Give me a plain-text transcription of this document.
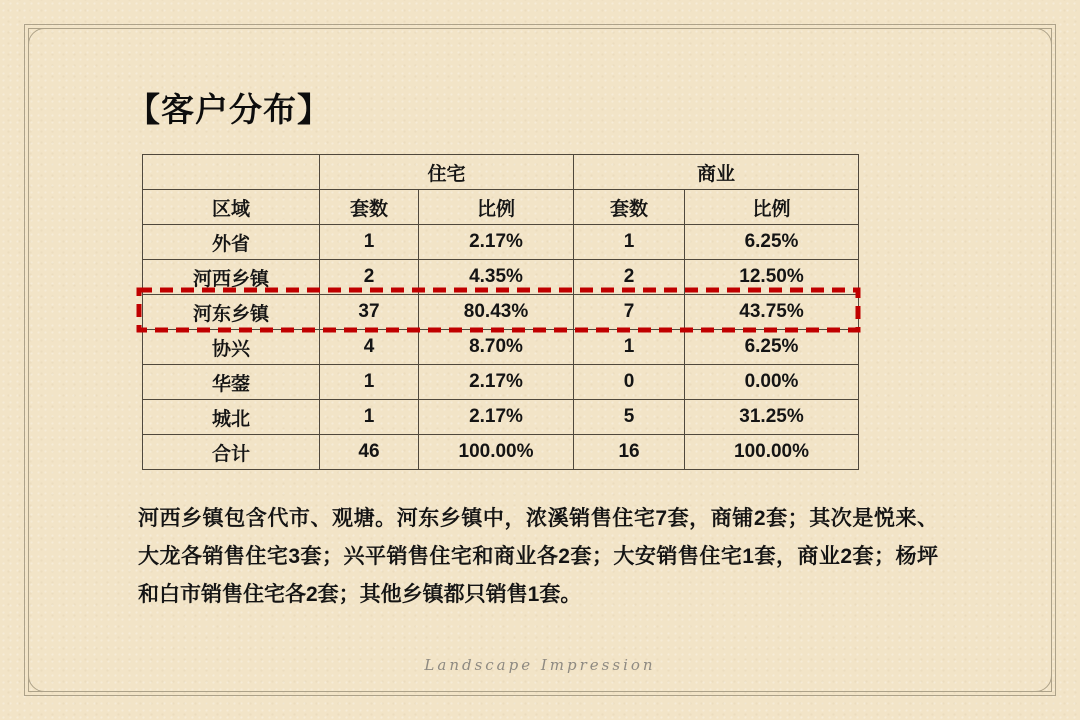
【客户分布】
	住宅		商业	
区域	套数	比例	套数	比例
外省	1	2.17%	1	6.25%
河西乡镇	2	4.35%	2	12.50%
河东乡镇	37	80.43%	7	43.75%
协兴	4	8.70%	1	6.25%
华蓥	1	2.17%	0	0.00%
城北	1	2.17%	5	31.25%
合计	46	100.00%	16	100.00%
河西乡镇包含代市、观塘。河东乡镇中，浓溪销售住宅7套，商铺2套；其次是悦来、大龙各销售住宅3套；兴平销售住宅和商业各2套；大安销售住宅1套，商业2套；杨坪和白市销售住宅各2套；其他乡镇都只销售1套。
Landscape Impression
